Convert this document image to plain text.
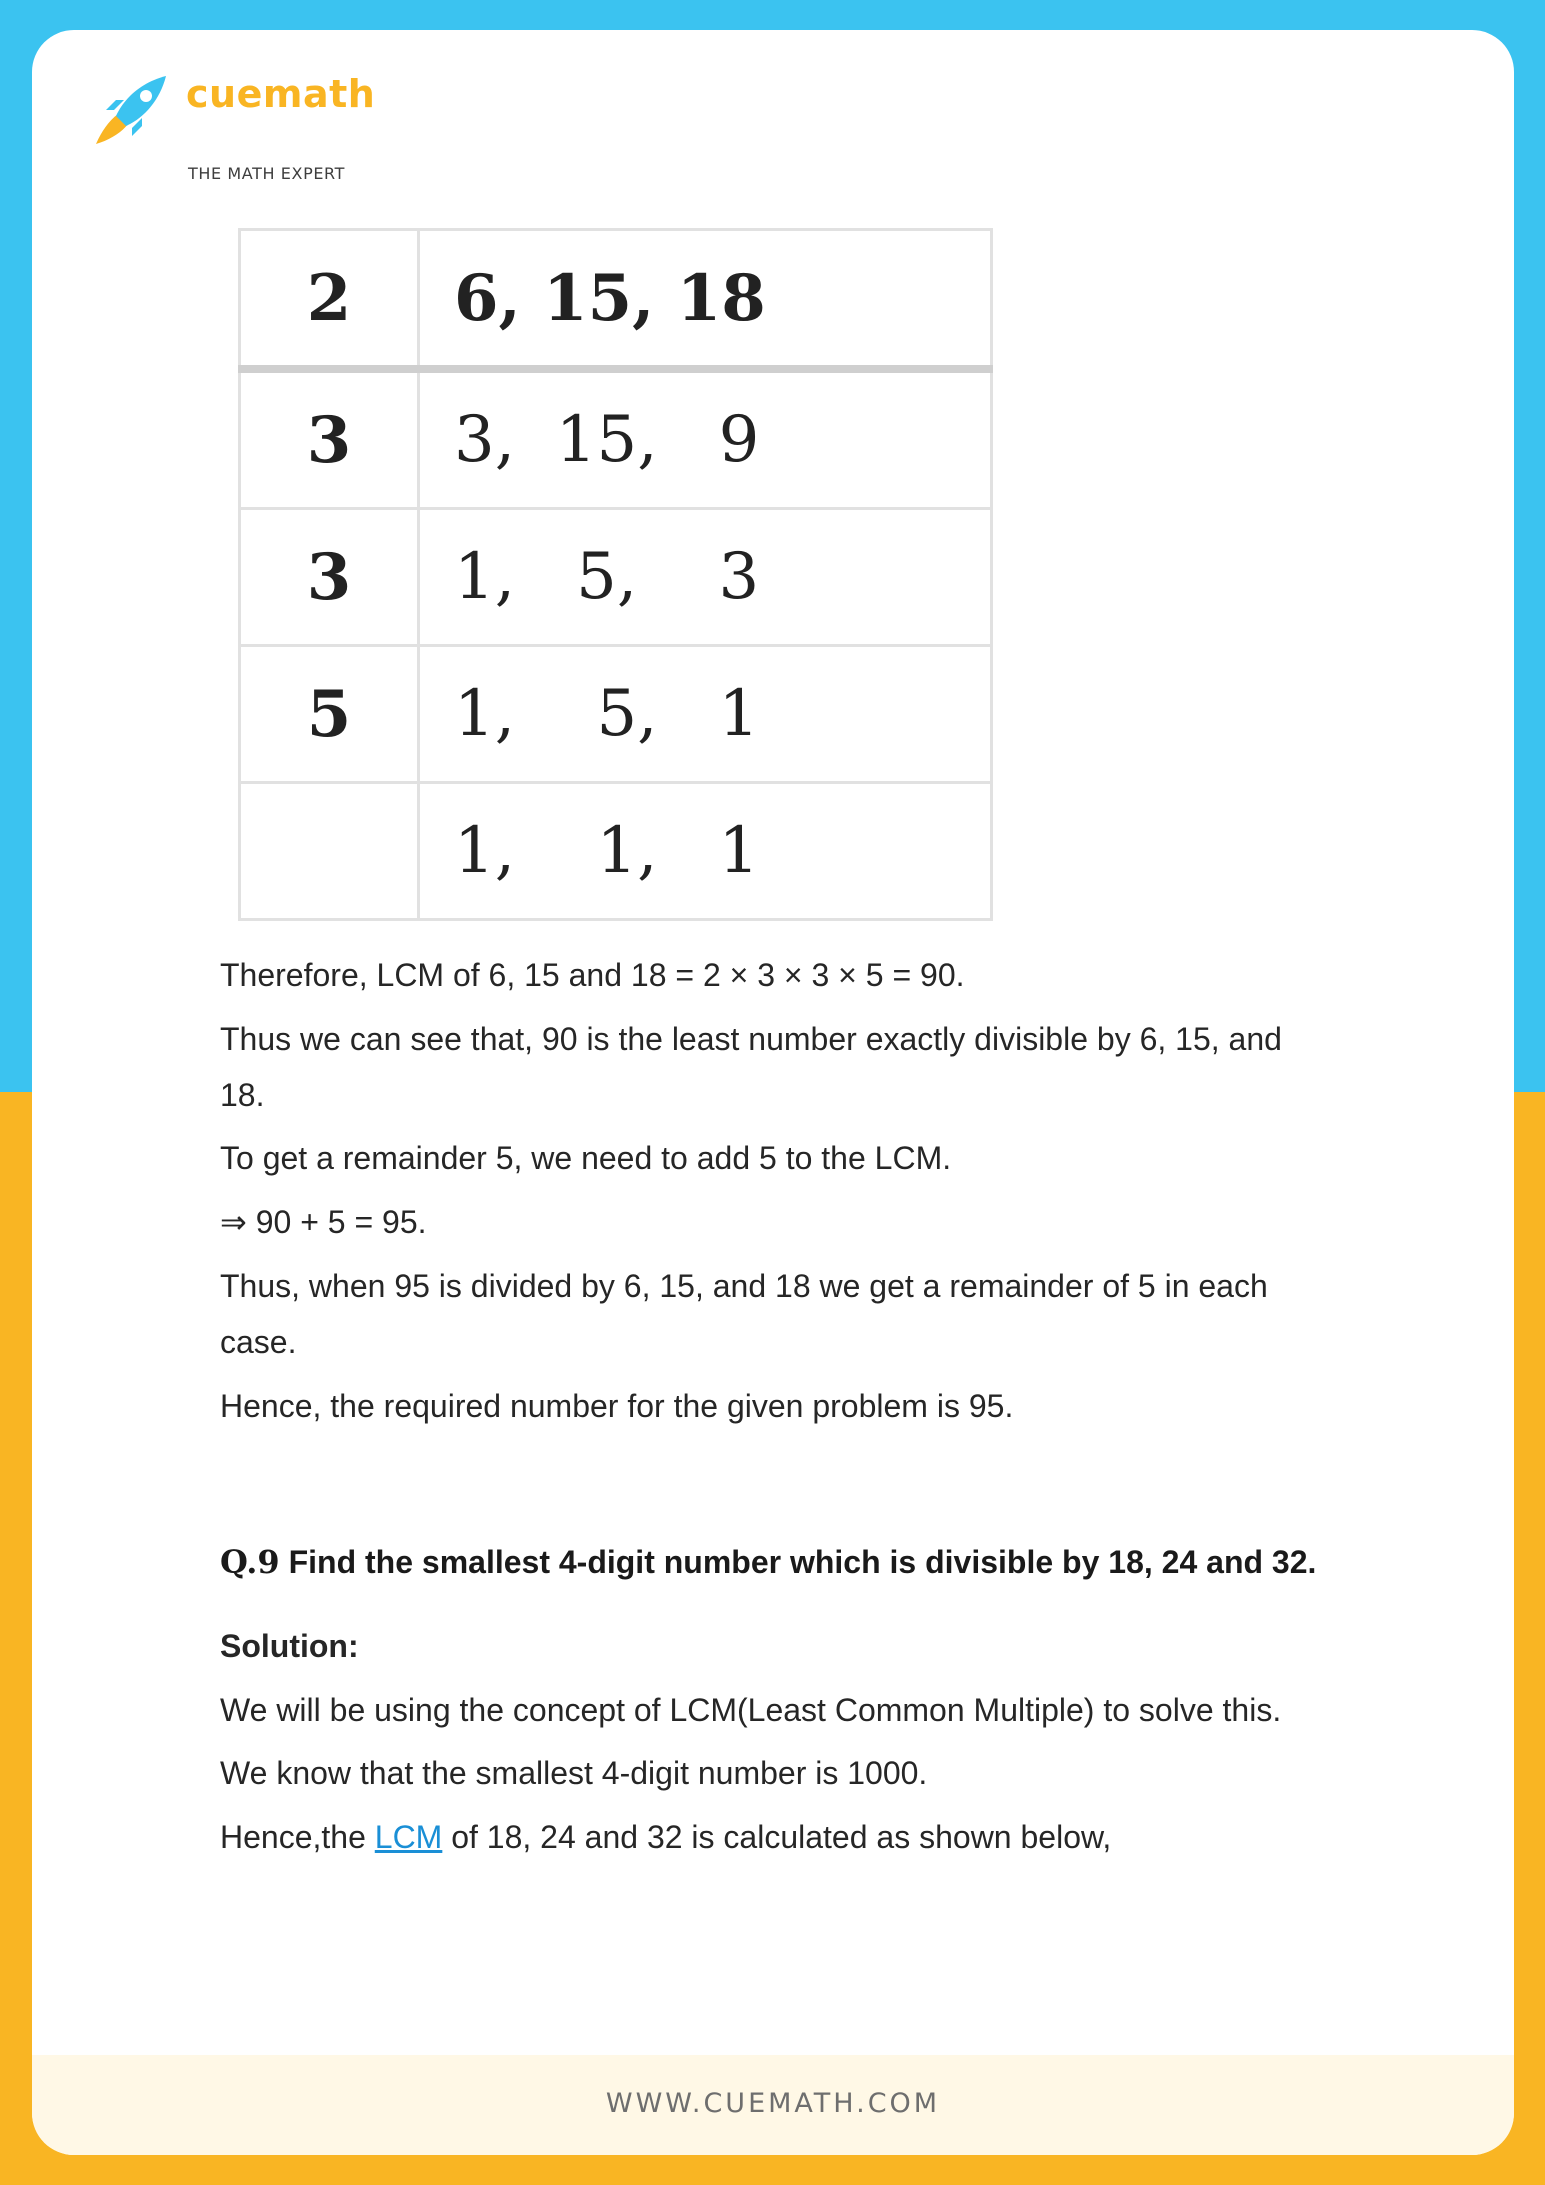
cuemath
THE MATH EXPERT
2	6, 15, 18
3	3,  15,   9
3	1,   5,    3
5	1,    5,   1
	1,    1,   1
Therefore, LCM of 6, 15 and 18 = 2 × 3 × 3 × 5 = 90.
Thus we can see that, 90 is the least number exactly divisible by 6, 15, and
18.
To get a remainder 5, we need to add 5 to the LCM.
⇒ 90 + 5 = 95.
Thus, when 95 is divided by 6, 15, and 18 we get a remainder of 5 in each
case.
Hence, the required number for the given problem is 95.
Q.9 Find the smallest 4-digit number which is divisible by 18, 24 and 32.
Solution:
We will be using the concept of LCM(Least Common Multiple) to solve this.
We know that the smallest 4-digit number is 1000.
Hence,the LCM of 18, 24 and 32 is calculated as shown below,
WWW.CUEMATH.COM
